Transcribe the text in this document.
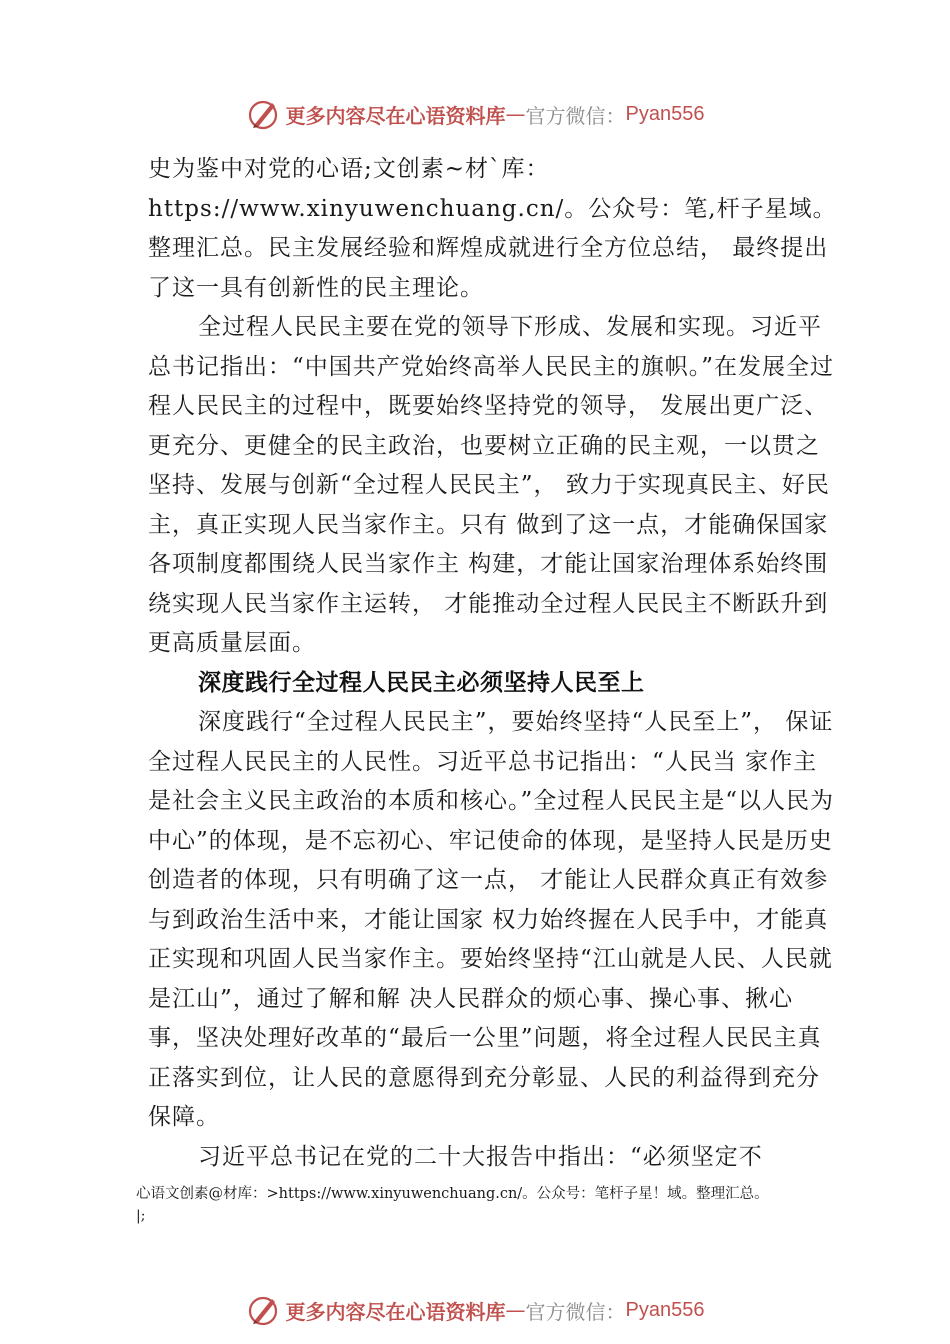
更多内容尽在心语资料库 — 官方微信： Pyan556

史为鉴中对党的心语;文创素~材`库：https://www.xinyuwenchuang.cn/。公众号：笔,杆子星域。整理汇总。民主发展经验和辉煌成就进行全方位总结， 最终提出了这一具有创新性的民主理论。

全过程人民民主要在党的领导下形成、发展和实现。习近平总书记指出：“中国共产党始终高举人民民主的旗帜。”在发展全过程人民民主的过程中，既要始终坚持党的领导， 发展出更广泛、更充分、更健全的民主政治，也要树立正确的民主观，一以贯之坚持、发展与创新“全过程人民民主”， 致力于实现真民主、好民主，真正实现人民当家作主。只有 做到了这一点，才能确保国家各项制度都围绕人民当家作主 构建，才能让国家治理体系始终围绕实现人民当家作主运转， 才能推动全过程人民民主不断跃升到更高质量层面。

深度践行全过程人民民主必须坚持人民至上

深度践行“全过程人民民主”，要始终坚持“人民至上”， 保证全过程人民民主的人民性。习近平总书记指出：“人民当 家作主是社会主义民主政治的本质和核心。”全过程人民民主是“以人民为中心”的体现，是不忘初心、牢记使命的体现，是坚持人民是历史创造者的体现，只有明确了这一点， 才能让人民群众真正有效参与到政治生活中来，才能让国家 权力始终握在人民手中，才能真正实现和巩固人民当家作主。要始终坚持“江山就是人民、人民就是江山”，通过了解和解 决人民群众的烦心事、操心事、揪心事，坚决处理好改革的“最后一公里”问题，将全过程人民民主真正落实到位，让人民的意愿得到充分彰显、人民的利益得到充分保障。

习近平总书记在党的二十大报告中指出：“必须坚定不

心语文创素@材库：>https://www.xinyuwenchuang.cn/。公众号：笔杆子星！域。整理汇总。
|;
更多内容尽在心语资料库 — 官方微信： Pyan556
